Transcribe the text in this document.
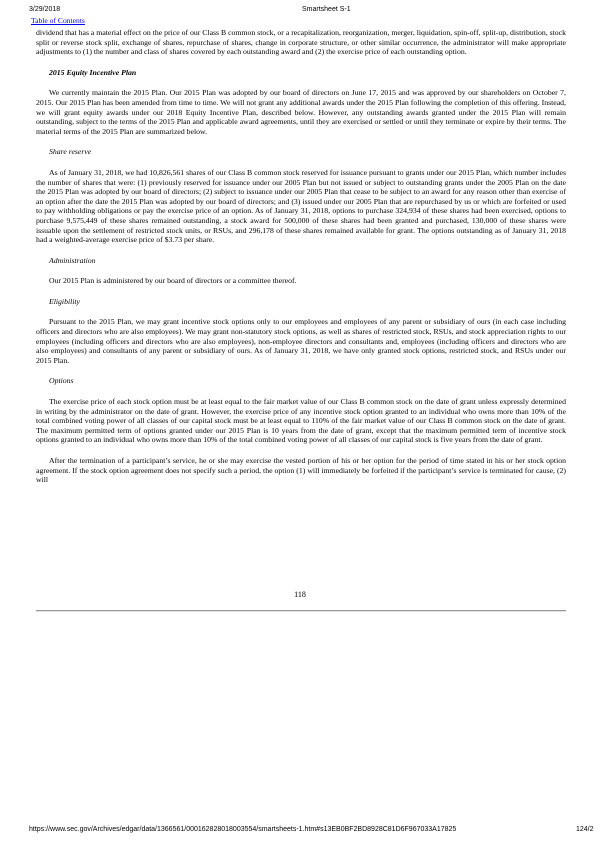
3/29/2018	Smartsheet S-1
Table of Contents

dividend that has a material effect on the price of our Class B common stock, or a recapitalization, reorganization, merger, liquidation, spin-off, split-up, distribution, stock split or reverse stock split, exchange of shares, repurchase of shares, change in corporate structure, or other similar occurrence, the administrator will make appropriate adjustments to (1) the number and class of shares covered by each outstanding award and (2) the exercise price of each outstanding option.

2015 Equity Incentive Plan

We currently maintain the 2015 Plan. Our 2015 Plan was adopted by our board of directors on June 17, 2015 and was approved by our shareholders on October 7, 2015. Our 2015 Plan has been amended from time to time. We will not grant any additional awards under the 2015 Plan following the completion of this offering. Instead, we will grant equity awards under our 2018 Equity Incentive Plan, described below. However, any outstanding awards granted under the 2015 Plan will remain outstanding, subject to the terms of the 2015 Plan and applicable award agreements, until they are exercised or settled or until they terminate or expire by their terms. The material terms of the 2015 Plan are summarized below.

Share reserve

As of January 31, 2018, we had 10,826,561 shares of our Class B common stock reserved for issuance pursuant to grants under our 2015 Plan, which number includes the number of shares that were: (1) previously reserved for issuance under our 2005 Plan but not issued or subject to outstanding grants under the 2005 Plan on the date the 2015 Plan was adopted by our board of directors; (2) subject to issuance under our 2005 Plan that cease to be subject to an award for any reason other than exercise of an option after the date the 2015 Plan was adopted by our board of directors; and (3) issued under our 2005 Plan that are repurchased by us or which are forfeited or used to pay withholding obligations or pay the exercise price of an option. As of January 31, 2018, options to purchase 324,934 of these shares had been exercised, options to purchase 9,575,449 of these shares remained outstanding, a stock award for 500,000 of these shares had been granted and purchased, 130,000 of these shares were issuable upon the settlement of restricted stock units, or RSUs, and 296,178 of these shares remained available for grant. The options outstanding as of January 31, 2018 had a weighted-average exercise price of $3.73 per share.

Administration

Our 2015 Plan is administered by our board of directors or a committee thereof.

Eligibility

Pursuant to the 2015 Plan, we may grant incentive stock options only to our employees and employees of any parent or subsidiary of ours (in each case including officers and directors who are also employees). We may grant non-statutory stock options, as well as shares of restricted stock, RSUs, and stock appreciation rights to our employees (including officers and directors who are also employees), non-employee directors and consultants and, employees (including officers and directors who are also employees) and consultants of any parent or subsidiary of ours. As of January 31, 2018, we have only granted stock options, restricted stock, and RSUs under our 2015 Plan.

Options

The exercise price of each stock option must be at least equal to the fair market value of our Class B common stock on the date of grant unless expressly determined in writing by the administrator on the date of grant. However, the exercise price of any incentive stock option granted to an individual who owns more than 10% of the total combined voting power of all classes of our capital stock must be at least equal to 110% of the fair market value of our Class B common stock on the date of grant. The maximum permitted term of options granted under our 2015 Plan is 10 years from the date of grant, except that the maximum permitted term of incentive stock options granted to an individual who owns more than 10% of the total combined voting power of all classes of our capital stock is five years from the date of grant.

After the termination of a participant’s service, he or she may exercise the vested portion of his or her option for the period of time stated in his or her stock option agreement. If the stock option agreement does not specify such a period, the option (1) will immediately be forfeited if the participant’s service is terminated for cause, (2) will

118
https://www.sec.gov/Archives/edgar/data/1366561/000162828018003554/smartsheets-1.htm#s13EB0BF2BD8928C81D6F967033A17825	124/2
